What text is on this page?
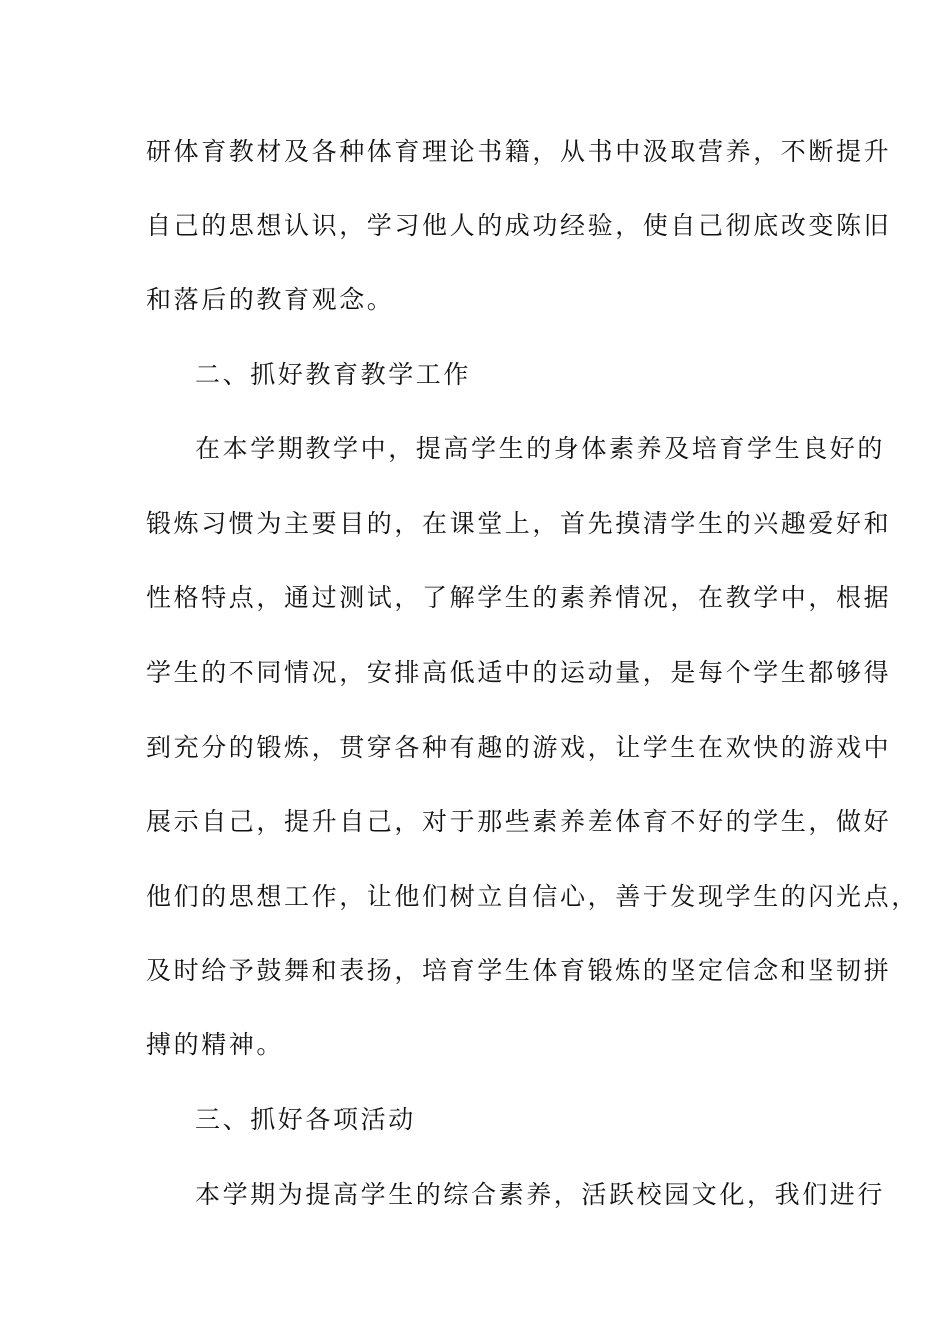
研体育教材及各种体育理论书籍，从书中汲取营养，不断提升
自己的思想认识，学习他人的成功经验，使自己彻底改变陈旧
和落后的教育观念。
二、抓好教育教学工作
在本学期教学中，提高学生的身体素养及培育学生良好的
锻炼习惯为主要目的，在课堂上，首先摸清学生的兴趣爱好和
性格特点，通过测试，了解学生的素养情况，在教学中，根据
学生的不同情况，安排高低适中的运动量，是每个学生都够得
到充分的锻炼，贯穿各种有趣的游戏，让学生在欢快的游戏中
展示自己，提升自己，对于那些素养差体育不好的学生，做好
他们的思想工作，让他们树立自信心，善于发现学生的闪光点，
及时给予鼓舞和表扬，培育学生体育锻炼的坚定信念和坚韧拼
搏的精神。
三、抓好各项活动
本学期为提高学生的综合素养，活跃校园文化，我们进行
